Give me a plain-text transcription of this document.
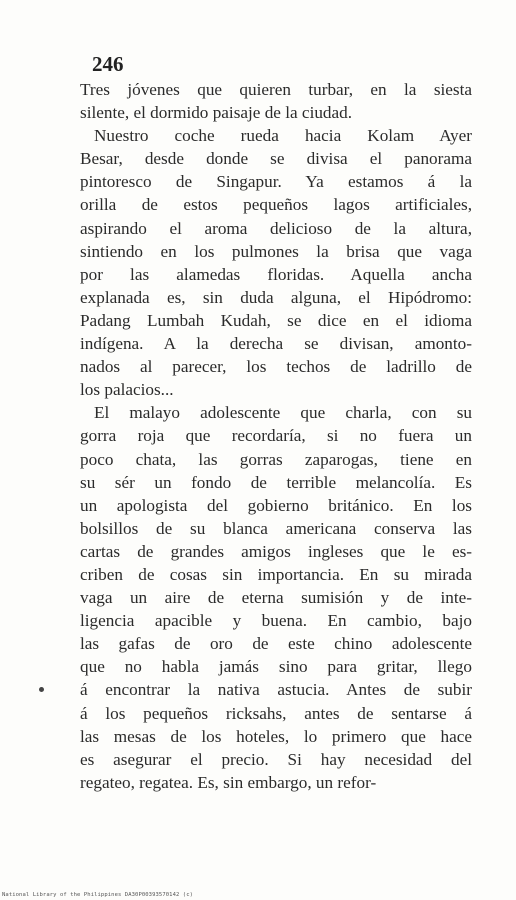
246
Tres jóvenes que quieren turbar, en la siesta
silente, el dormido paisaje de la ciudad.
Nuestro coche rueda hacia Kolam Ayer
Besar, desde donde se divisa el panorama
pintoresco de Singapur. Ya estamos á la
orilla de estos pequeños lagos artificiales,
aspirando el aroma delicioso de la altura,
sintiendo en los pulmones la brisa que vaga
por las alamedas floridas. Aquella ancha
explanada es, sin duda alguna, el Hipódromo:
Padang Lumbah Kudah, se dice en el idioma
indígena. A la derecha se divisan, amonto-
nados al parecer, los techos de ladrillo de
los palacios...
El malayo adolescente que charla, con su
gorra roja que recordaría, si no fuera un
poco chata, las gorras zaparogas, tiene en
su sér un fondo de terrible melancolía. Es
un apologista del gobierno británico. En los
bolsillos de su blanca americana conserva las
cartas de grandes amigos ingleses que le es-
criben de cosas sin importancia. En su mirada
vaga un aire de eterna sumisión y de inte-
ligencia apacible y buena. En cambio, bajo
las gafas de oro de este chino adolescente
que no habla jamás sino para gritar, llego
á encontrar la nativa astucia. Antes de subir
á los pequeños ricksahs, antes de sentarse á
las mesas de los hoteles, lo primero que hace
es asegurar el precio. Si hay necesidad del
regateo, regatea. Es, sin embargo, un refor-
National Library of the Philippines DA30P00393570142 (c)
